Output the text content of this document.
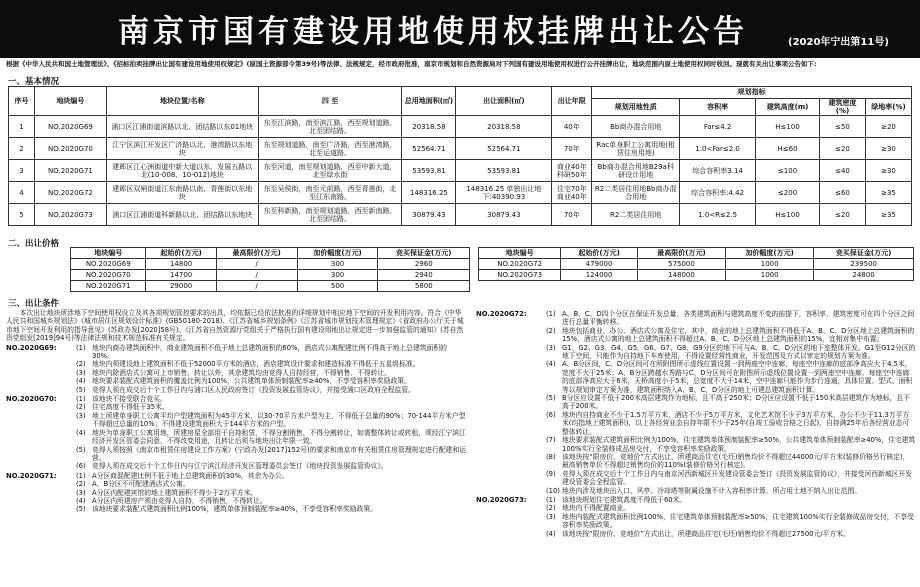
南京市国有建设用地使用权挂牌出让公告	(2020年宁出第11号)
根据《中华人民共和国土地管理法》、《招标拍卖挂牌出让国有建设用地使用权规定》(原国土资源部令第39号)等法律、法规规定，经市政府批准，南京市规划和自然资源局对下列国有建设用地使用权进行公开挂牌出让，地块范围内原土地使用权同时收回。现就有关出让事项公告如下:
一、基本情况
序号	地块编号	地块位置/名称	四 至	总用地面积(㎡)	出让面积(㎡)	出让年限	规划指标				
							规划用地性质	容积率	建筑高度(m)	建筑密度(%)	绿地率(%)
1	NO.2020G69	浦口区江浦街道滨路以北、团结路以东01地块	东至江滨路，南至滨江路，西至规划道路，北至团结路。	20318.58	20318.58	40年	Bb商办混合用地	Far≤4.2	H≤100	≤50	≥20
2	NO.2020G70	江宁区滨江开发区广济路以北、港湾路以东地块	东至规划道路，南至广济路，西至港湾路，北至运道路。	52564.71	52564.71	70年	Rac单身职工公寓用地(租赁住房用地)	1.0<Far≤2.0	H≤60	≤20	≥30
3	NO.2020G71	建邺区江心洲街道中新大道以东、发展五路以北(10-008、10-012)地块	东至河道，南至规划道路，西至中新大道，北至绿水街	53593.81	53593.81	商业40年科研50年	Bb商办混合用地B29a科研设计用地	综合容积率3.14	≤100	≤40	≥30
4	NO.2020G72	建邺区双闸街道江东南路以南、青莲街以东地块	东至吴侯街，南至元前路，西至青莲街，北至江东南路。	148316.25	148316.25 单独出让地下:40390.93	住宅70年商业40年	R2二类居住用地Bb商办混合用地	综合容积率:4.42	≤200	≤60	≥35
5	NO.2020G73	浦口区江浦街道科新路以北、团结路以东地块	东至科新路，南至规划道路，西至新南路，北至团结路。	30879.43	30879.43	70年	R2二类居住用地	1.0<R≤2.5	H≤100	≤20	≥35
二、出让价格
地块编号	起始价(万元)	最高限价(万元)	加价幅度(万元)	竞买保证金(万元)
NO.2020G69	14800	/	300	2960
NO.2020G70	14700	/	300	2940
NO.2020G71	29000	/	500	5800
地块编号	起始价(万元)	最高限价(万元)	加价幅度(万元)	竞买保证金(万元)
NO.2020G72	479000	575000	1000	239500
NO.2020G73	124000	148000	1000	24800
三、出让条件
本次出让地块所涉地下空间使用权设立及其各项规划管控要求的出具，均依据已经依法批准的详细规划中相应地下空间的开发利用内容，符合《中华人民共和国城乡规划法》《城市居住区规划设计标准》(GB50180-2018)、《江苏省城乡规划条例》《江苏省城市规划技术管理规定》《省政府办公厅关于城市地下空间开发利用的指导意见》(苏政办发[2020]58号)、《江苏省自然资源厅党组关于严格执行国有建设用地出让规定进一步加强监管的通知》(苏自然资党组发[2019]94号)等法律法规和技术规范标准有关规定。
NO.2020G69:	(1) 地块内商办建筑面积中，商业建筑面积不低于地上总建筑面积的60%，酒店式公寓配建比例不得高于地上总建筑面积的30%。
(2) 地块内须建设地上建筑面积不低于52000平方米的酒店，酒店建筑设计要求和建造标准不得低于五星级标准。
(3) 地块内除酒店式公寓可上市销售、转让以外，其余建筑均由竞得人自持经营，不得销售、不得转让。
(4) 地块要求装配式建筑面积的覆盖比例为100%，公共建筑单体预制装配率≥40%，不享受容积率奖励政策。
(5) 竞得人须在成交后十个工作日内与浦口区人民政府签订《投资发展监管协议》，并接受浦口区政府全程监管。
NO.2020G70:	(1) 该地块不接受联合竞买。
(2) 住宅高度不得低于35米。
(3) 地上所建单身职工公寓平均户型建筑面积为45平方米，以30-70平方米户型为主，不得低于总量的90%；70-144平方米户型不得超过总量的10%；不得建设建筑面积大于144平方米的户型。
(4) 地块为单身职工公寓用地，所建房屋全部用于自持租赁，不得分割销售，不得分割转让，如需整体转让或转租，须经江宁滨江经济开发区管委会同意，不得改变用途，且转让后须与地块出让年限一致。
(5) 竞得人须按照《南京市租赁住房建设工作方案》(宁政办发[2017]152号)的要求和南京市有关租赁住房管理规定进行配建和运营。
(6) 竞得人须在成交后十个工作日内与江宁滨江经济开发区管理委员会签订《地块投资发展监管协议》。
NO.2020G71:	(1) A分区商混配建比例不低于地上总建筑面积的30%，其余为办公。
(2) A、B分区不可配建酒店式公寓。
(3) A分区内配建宾馆的地上建筑面积不得少于2万平方米。
(4) A分区内所建房产须由竞得人自持，不得销售，不得转让。
(5) 该地块要求装配式建筑面积比例100%，建筑单体预制装配率≥40%，不享受容积率奖励政策。
NO.2020G72:	(1) A、B、C、D四个分区在保证开发总量、各类建筑面积与建筑高度不变的前提下，容积率、建筑密度可在四个分区之间进行总量平衡转移。
(2) 地块包括商业、办公、酒店式公寓及住宅，其中，商业的地上总建筑面积不得低于A、B、C、D分区地上总建筑面积的15%，酒店式公寓的地上总建筑面积不得超过A、B、C、D分区地上总建筑面积的15%，宜相对集中布置。
(3) G1、G2、G3、G4、G5、G6、G7、G8、G9分区的地下可与A、B、C、D分区的地下室整体开发。G1至G12分区的地下空间，只能作为自持地下车库使用，不得设置经营性商业，开发范围及方式以审定的规划方案为准。
(4) A、B分区间，C、D分区间可在所附图所示虚线位置设置一到两座空中连廊，每座空中连廊的底部净高应大于4.5米，宽度不大于25米；A、B分区跨越水秀路与C、D分区间可在附图所示虚线位置设置一到两座空中连廊，每座空中连廊的底部净高应大于6米，天桥高度小于5米，总宽度不大于14米，空中连廊只能作为步行连通，具体位置、型式、面积等以规划审定方案为准，建筑面积纳入A、B、C、D分区的地上可建总建筑面积计算。
(5) B分区应设置不低于200米高层建筑作为地标，且不高于250米；D分区应设置不低于150米高层建筑作为地标，且不高于200米。
(6) 地块内自持商业不少于1.5万平方米，酒店不少于5万平方米，文化艺术馆不少于3万平方米，办公不少于11.3万平方米(均指地上建筑面积)，以上各经营业态自持年限不少于25年(自竣工验收合格之日起)，自持满25年后各经营业态可整体转让。
(7) 地块要求装配式建筑面积比例为100%，住宅建筑单体预制装配率≥50%，公共建筑单体预制装配率≥40%，住宅建筑100%实行全装修成品房交付，不享受容积率奖励政策。
(8) 该地块按“限房价、竞地价”方式出让，所建商品住宅(毛坯)销售均价不得超过44000元/平方米(装修价格另行核定)，最高销售单价不得超过销售均价的110%(装修价格另行核定)。
(9) 竞得人须在成交后十个工作日内与南京河西新城区开发建设管委会签订《投资发展监管协议》，并接受河西新城区开发建设管委会全程监管。
(10) 地块内涉及地块出入口、风亭、冷却塔等附属设施不计入容积率计算，所占用土地不纳入出让范围。
NO.2020G73:	(1) 该地块规划住宅建筑高度不得低于60米。
(2) 地块内不得配置商业。
(3) 地块内装配式建筑面积比例100%，住宅建筑单体预制装配率≥50%，住宅建筑100%实行全装修成品房交付，不享受容积率奖励政策。
(4) 该地块按“限房价、竞地价”方式出让，所建商品住宅(毛坯)销售均价不得超过27500元/平方米。
